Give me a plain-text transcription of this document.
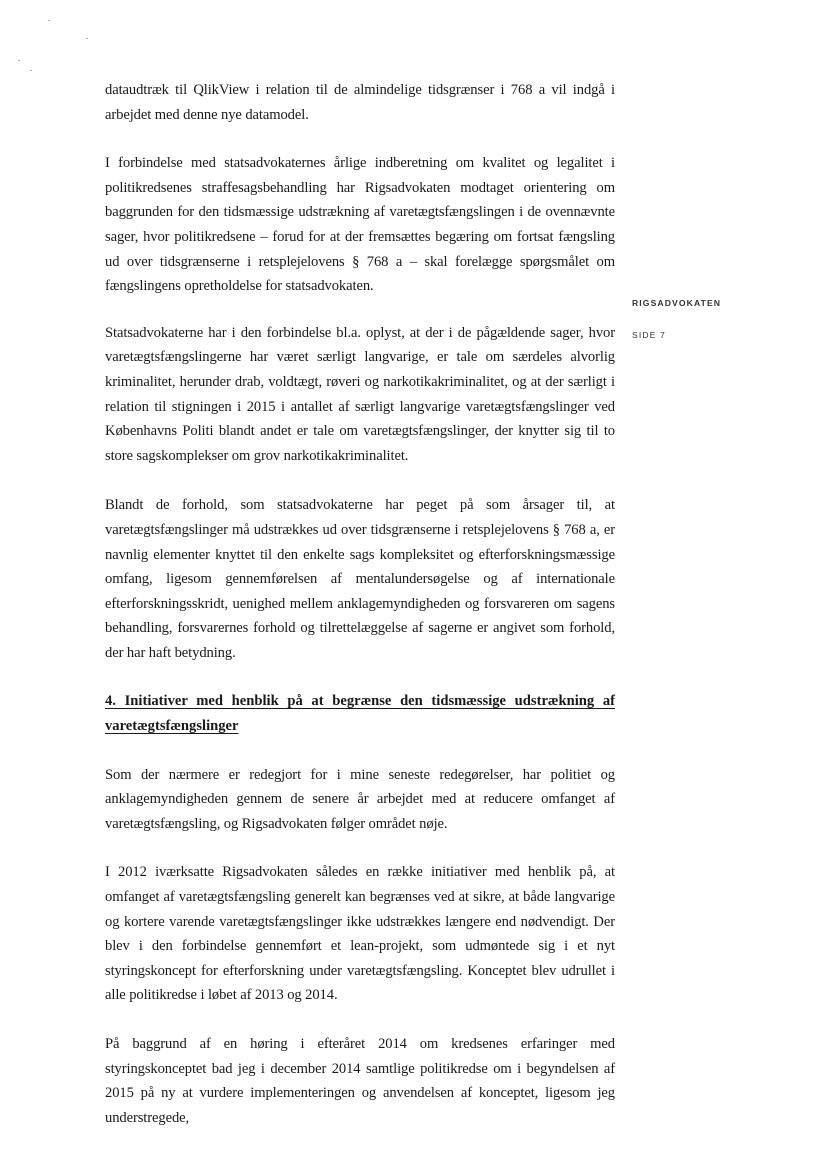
dataudtræk til QlikView i relation til de almindelige tidsgrænser i 768 a vil indgå i arbejdet med denne nye datamodel.

I forbindelse med statsadvokaternes årlige indberetning om kvalitet og legalitet i politikredsenes straffesagsbehandling har Rigsadvokaten modtaget orientering om baggrunden for den tidsmæssige udstrækning af varetægtsfængslingen i de ovennævnte sager, hvor politikredsene – forud for at der fremsættes begæring om fortsat fængsling ud over tidsgrænserne i retsplejelovens § 768 a – skal forelægge spørgsmålet om fængslingens opretholdelse for statsadvokaten.

Statsadvokaterne har i den forbindelse bl.a. oplyst, at der i de pågældende sager, hvor varetægtsfængslingerne har været særligt langvarige, er tale om særdeles alvorlig kriminalitet, herunder drab, voldtægt, røveri og narkotikakriminalitet, og at der særligt i relation til stigningen i 2015 i antallet af særligt langvarige varetægtsfængslinger ved Københavns Politi blandt andet er tale om varetægtsfængslinger, der knytter sig til to store sagskomplekser om grov narkotikakriminalitet.

Blandt de forhold, som statsadvokaterne har peget på som årsager til, at varetægtsfængslinger må udstrækkes ud over tidsgrænserne i retsplejelovens § 768 a, er navnlig elementer knyttet til den enkelte sags kompleksitet og efterforskningsmæssige omfang, ligesom gennemførelsen af mentalundersøgelse og af internationale efterforskningsskridt, uenighed mellem anklagemyndigheden og forsvareren om sagens behandling, forsvarernes forhold og tilrettelæggelse af sagerne er angivet som forhold, der har haft betydning.

4. Initiativer med henblik på at begrænse den tidsmæssige udstrækning af varetægtsfængslinger

Som der nærmere er redegjort for i mine seneste redegørelser, har politiet og anklagemyndigheden gennem de senere år arbejdet med at reducere omfanget af varetægtsfængsling, og Rigsadvokaten følger området nøje.

I 2012 iværksatte Rigsadvokaten således en række initiativer med henblik på, at omfanget af varetægtsfængsling generelt kan begrænses ved at sikre, at både langvarige og kortere varende varetægtsfængslinger ikke udstrækkes længere end nødvendigt. Der blev i den forbindelse gennemført et lean-projekt, som udmøntede sig i et nyt styringskoncept for efterforskning under varetægtsfængsling. Konceptet blev udrullet i alle politikredse i løbet af 2013 og 2014.

På baggrund af en høring i efteråret 2014 om kredsenes erfaringer med styringskonceptet bad jeg i december 2014 samtlige politikredse om i begyndelsen af 2015 på ny at vurdere implementeringen og anvendelsen af konceptet, ligesom jeg understregede,

RIGSADVOKATEN
SIDE 7
